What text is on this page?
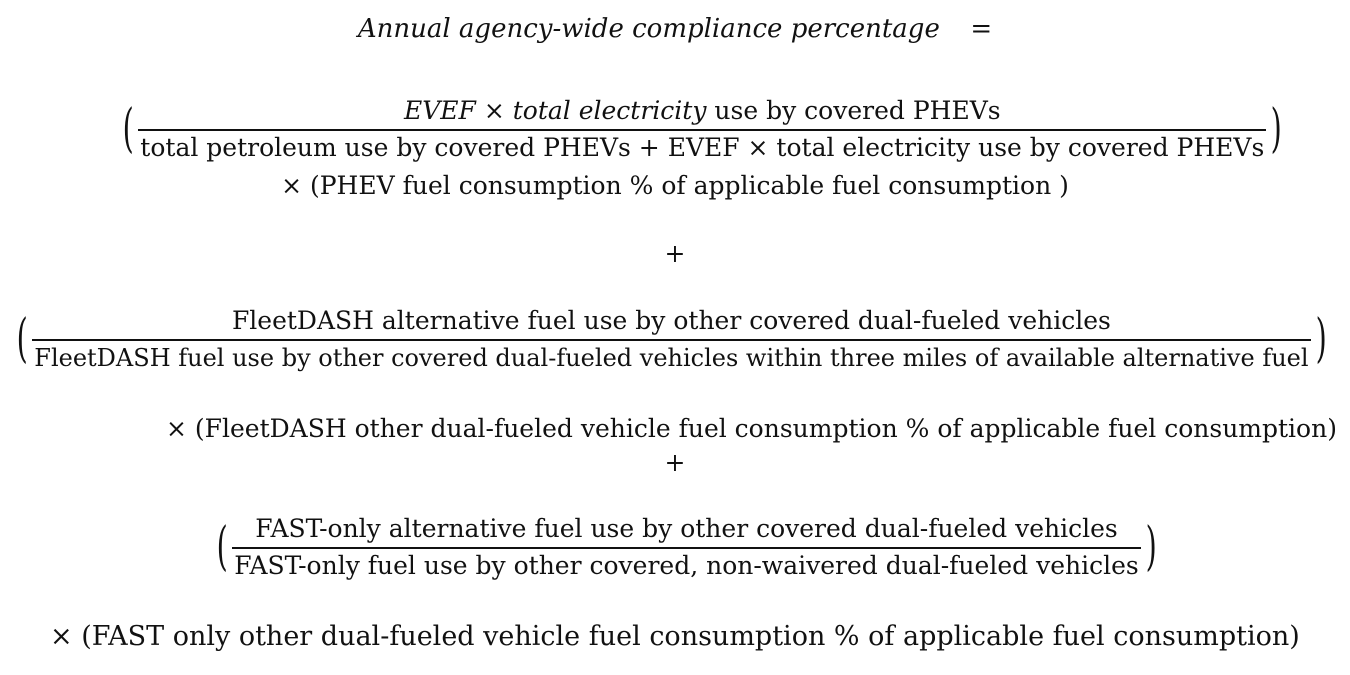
Annual agency-wide compliance percentage =
(	EVEF × total electricity use by covered PHEVs
total petroleum use by covered PHEVs + EVEF × total electricity use by covered PHEVs )
× (PHEV fuel consumption % of applicable fuel consumption )
+
(	FleetDASH alternative fuel use by other covered dual-fueled vehicles
FleetDASH fuel use by other covered dual-fueled vehicles within three miles of available alternative fuel )
× (FleetDASH other dual-fueled vehicle fuel consumption % of applicable fuel consumption)
+
( FAST-only alternative fuel use by other covered dual-fueled vehicles
FAST-only fuel use by other covered, non-waivered dual-fueled vehicles )
× (FAST only other dual-fueled vehicle fuel consumption % of applicable fuel consumption)
